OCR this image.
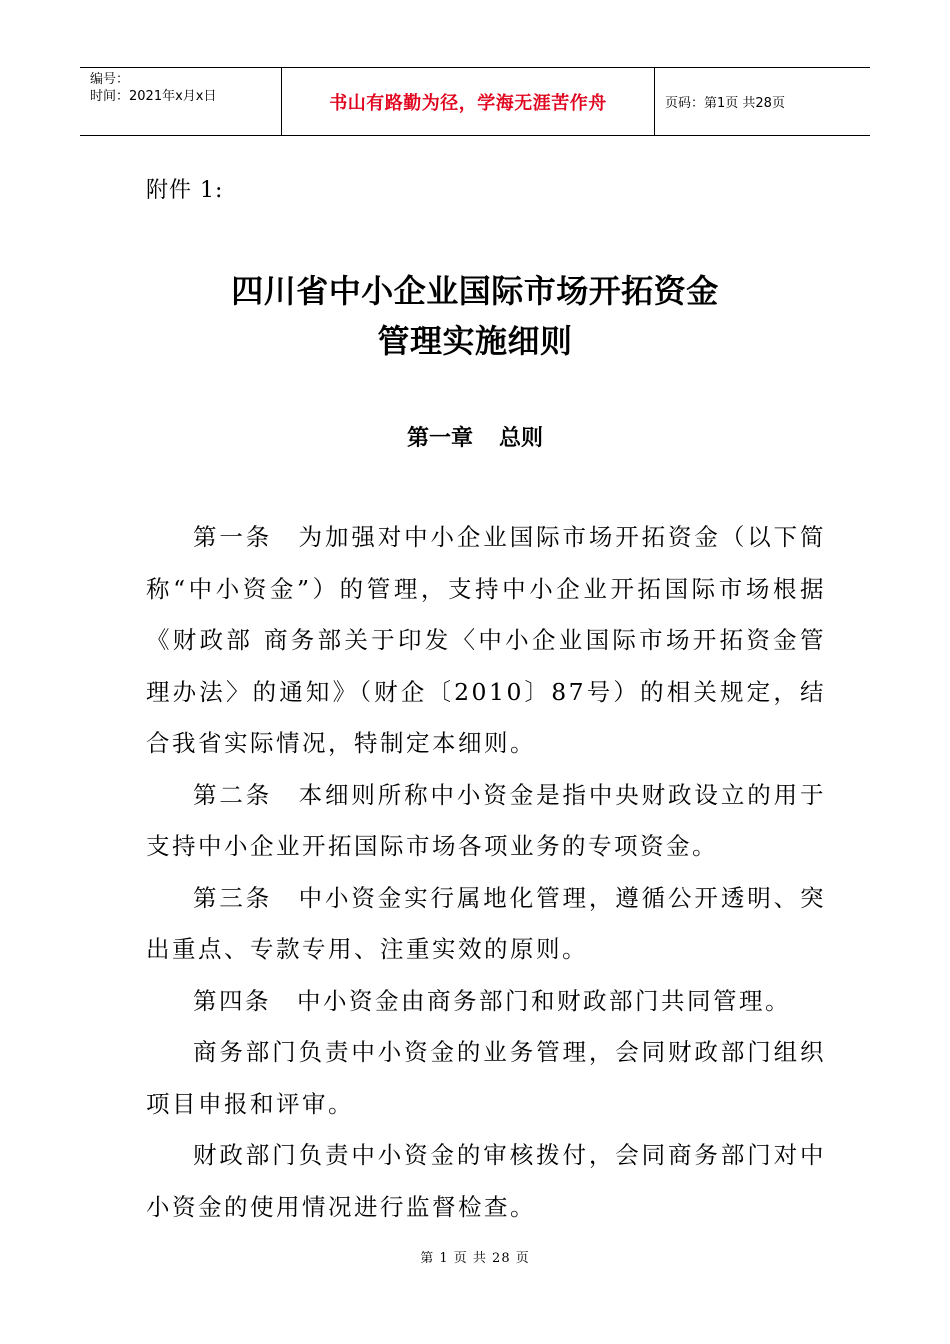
编号：
时间：2021年x月x日	书山有路勤为径，学海无涯苦作舟	页码：第1页 共28页
附件 1:
四川省中小企业国际市场开拓资金
管理实施细则
第一章 总则

第一条　为加强对中小企业国际市场开拓资金（以下简称“中小资金”）的管理，支持中小企业开拓国际市场根据《财政部 商务部关于印发〈中小企业国际市场开拓资金管理办法〉的通知》（财企〔2010〕87号）的相关规定，结合我省实际情况，特制定本细则。

第二条　本细则所称中小资金是指中央财政设立的用于支持中小企业开拓国际市场各项业务的专项资金。

第三条　中小资金实行属地化管理，遵循公开透明、突出重点、专款专用、注重实效的原则。

第四条　中小资金由商务部门和财政部门共同管理。

商务部门负责中小资金的业务管理，会同财政部门组织项目申报和评审。

财政部门负责中小资金的审核拨付，会同商务部门对中小资金的使用情况进行监督检查。

第 1 页 共 28 页
